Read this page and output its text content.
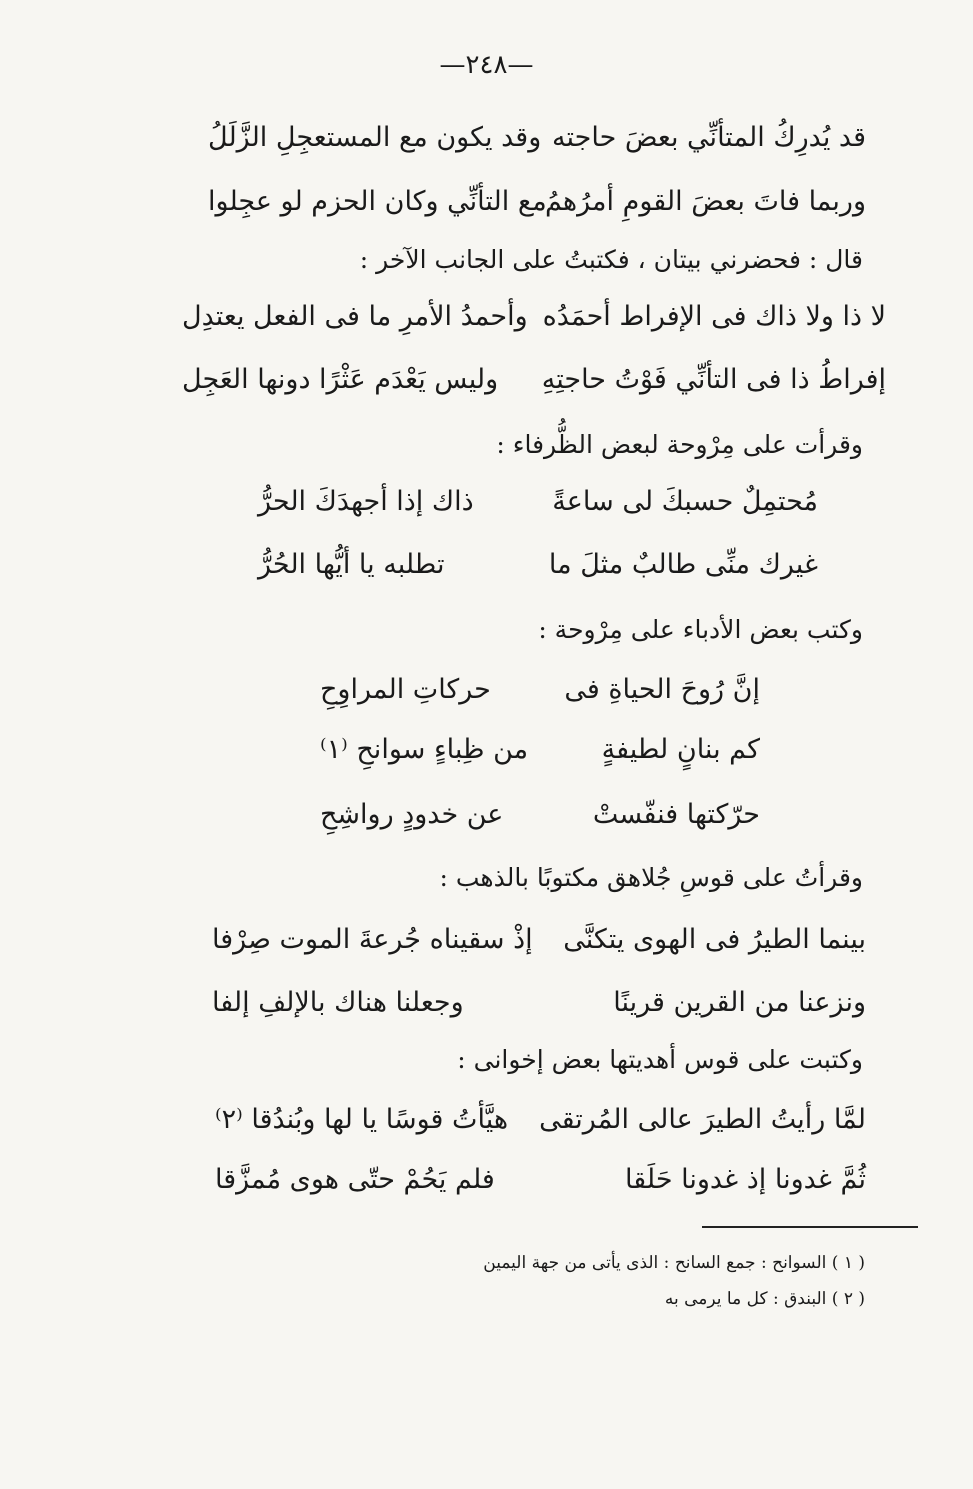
—٢٤٨—
قد يُدرِكُ المتأنِّي بعضَ حاجته
وقد يكون مع المستعجِلِ الزَّلَلُ
وربما فاتَ بعضَ القومِ أمرُهمُ
مع التأنِّي وكان الحزم لو عجِلوا
قال : فحضرني بيتان ، فكتبتُ على الجانب الآخر :
لا ذا ولا ذاك فى الإفراط أحمَدُه
وأحمدُ الأمرِ ما فى الفعل يعتدِل
إفراطُ ذا فى التأنِّي فَوْتُ حاجتِهِ
وليس يَعْدَم عَثْرًا دونها العَجِل
وقرأت على مِرْوحة لبعض الظُّرفاء :
مُحتمِلٌ حسبكَ لى ساعةً
ذاك إذا أجهدَكَ الحرُّ
غيرك منِّى طالبٌ مثلَ ما
تطلبه يا أيُّها الحُرُّ
وكتب بعض الأدباء على مِرْوحة :
إنَّ رُوحَ الحياةِ فى
حركاتِ المراوِحِ
كم بنانٍ لطيفةٍ
من ظِباءٍ سوانحِ ⁽١⁾
حرّكتها فنفّستْ
عن خدودٍ رواشِحِ
وقرأتُ على قوسِ جُلاهق مكتوبًا بالذهب :
بينما الطيرُ فى الهوى يتكنَّى
إذْ سقيناه جُرعةَ الموت صِرْفا
ونزعنا من القرين قرينًا
وجعلنا هناك بالإلفِ إلفا
وكتبت على قوس أهديتها بعض إخوانى :
لمَّا رأيتُ الطيرَ عالى المُرتقى
هيَّأتُ قوسًا يا لها وبُندُقا ⁽٢⁾
ثُمَّ غدونا إذ غدونا حَلَقا
فلم يَحُمْ حتّى هوى مُمزَّقا
( ١ ) السوانح : جمع السانح : الذى يأتى من جهة اليمين
( ٢ ) البندق : كل ما يرمى به
